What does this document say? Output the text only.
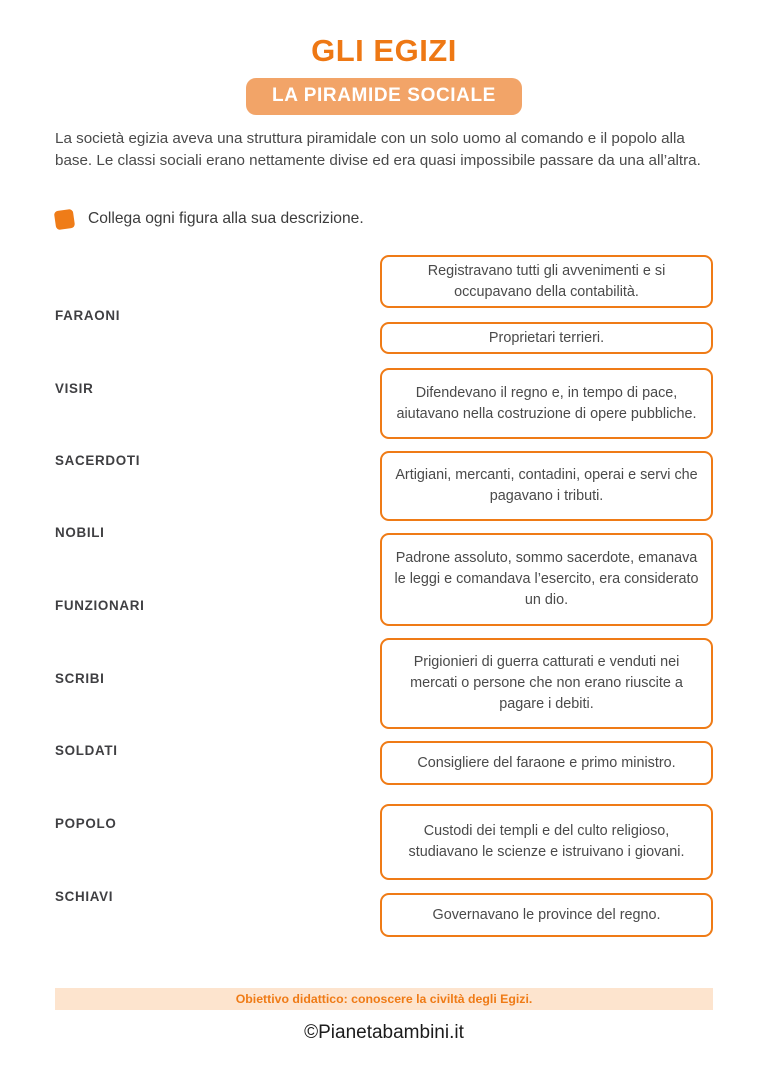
GLI EGIZI
LA PIRAMIDE SOCIALE
La società egizia aveva una struttura piramidale con un solo uomo al comando e il popolo alla base. Le classi sociali erano nettamente divise ed era quasi impossibile passare da una all’altra.
Collega ogni figura alla sua descrizione.
FARAONI
VISIR
SACERDOTI
NOBILI
FUNZIONARI
SCRIBI
SOLDATI
POPOLO
SCHIAVI
Registravano tutti gli avvenimenti e si occupavano della contabilità.
Proprietari terrieri.
Difendevano il regno e, in tempo di pace, aiutavano nella costruzione di opere pubbliche.
Artigiani, mercanti, contadini, operai e servi che pagavano i tributi.
Padrone assoluto, sommo sacerdote, emanava le leggi e comandava l’esercito, era considerato un dio.
Prigionieri di guerra catturati e venduti nei mercati o persone che non erano riuscite a pagare i debiti.
Consigliere del faraone e primo ministro.
Custodi dei templi e del culto religioso, studiavano le scienze e istruivano i giovani.
Governavano le province del regno.
Obiettivo didattico: conoscere la civiltà degli Egizi.
©Pianetabambini.it
